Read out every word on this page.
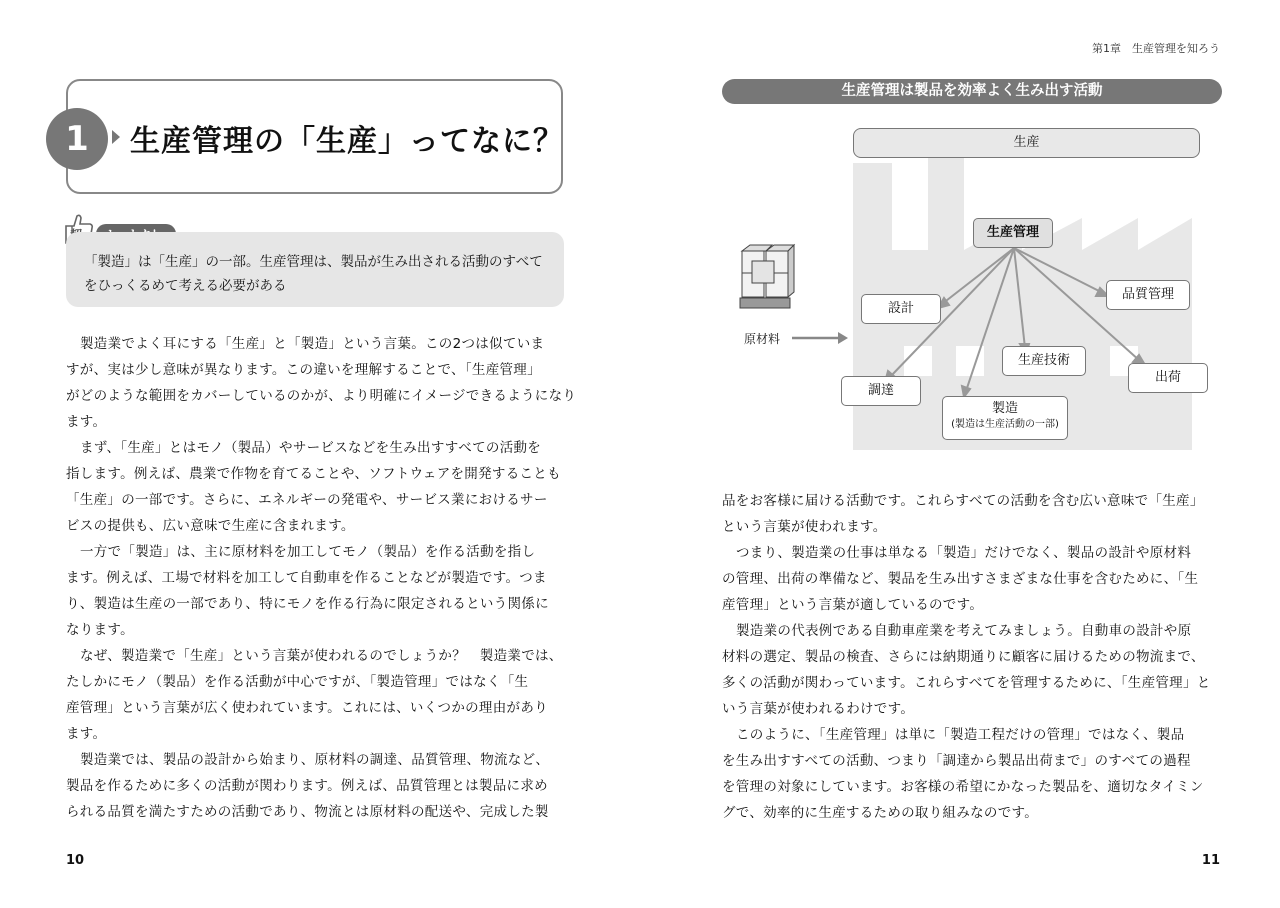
1	生産管理の「生産」ってなに？
「製造」は「生産」の一部。生産管理は、製品が生み出される活動のすべて
をひっくるめて考える必要がある
製造業でよく耳にする「生産」と「製造」という言葉。この2つは似ていま
すが、実は少し意味が異なります。この違いを理解することで、「生産管理」
がどのような範囲をカバーしているのかが、より明確にイメージできるようになり
ます。
まず、「生産」とはモノ（製品）やサービスなどを生み出すすべての活動を
指します。例えば、農業で作物を育てることや、ソフトウェアを開発することも
「生産」の一部です。さらに、エネルギーの発電や、サービス業におけるサー
ビスの提供も、広い意味で生産に含まれます。
一方で「製造」は、主に原材料を加工してモノ（製品）を作る活動を指し
ます。例えば、工場で材料を加工して自動車を作ることなどが製造です。つま
り、製造は生産の一部であり、特にモノを作る行為に限定されるという関係に
なります。
なぜ、製造業で「生産」という言葉が使われるのでしょうか？　製造業では、
たしかにモノ（製品）を作る活動が中心ですが、「製造管理」ではなく「生
産管理」という言葉が広く使われています。これには、いくつかの理由があり
ます。
製造業では、製品の設計から始まり、原材料の調達、品質管理、物流など、
製品を作るために多くの活動が関わります。例えば、品質管理とは製品に求め
られる品質を満たすための活動であり、物流とは原材料の配送や、完成した製
10
第1章　生産管理を知ろう
11
生産管理は製品を効率よく生み出す活動
生産
生産管理
設計
品質管理
生産技術
出荷
調達
製造
(製造は生産活動の一部)
原材料
品をお客様に届ける活動です。これらすべての活動を含む広い意味で「生産」
という言葉が使われます。
つまり、製造業の仕事は単なる「製造」だけでなく、製品の設計や原材料
の管理、出荷の準備など、製品を生み出すさまざまな仕事を含むために、「生
産管理」という言葉が適しているのです。
製造業の代表例である自動車産業を考えてみましょう。自動車の設計や原
材料の選定、製品の検査、さらには納期通りに顧客に届けるための物流まで、
多くの活動が関わっています。これらすべてを管理するために、「生産管理」と
いう言葉が使われるわけです。
このように、「生産管理」は単に「製造工程だけの管理」ではなく、製品
を生み出すすべての活動、つまり「調達から製品出荷まで」のすべての過程
を管理の対象にしています。お客様の希望にかなった製品を、適切なタイミン
グで、効率的に生産するための取り組みなのです。
